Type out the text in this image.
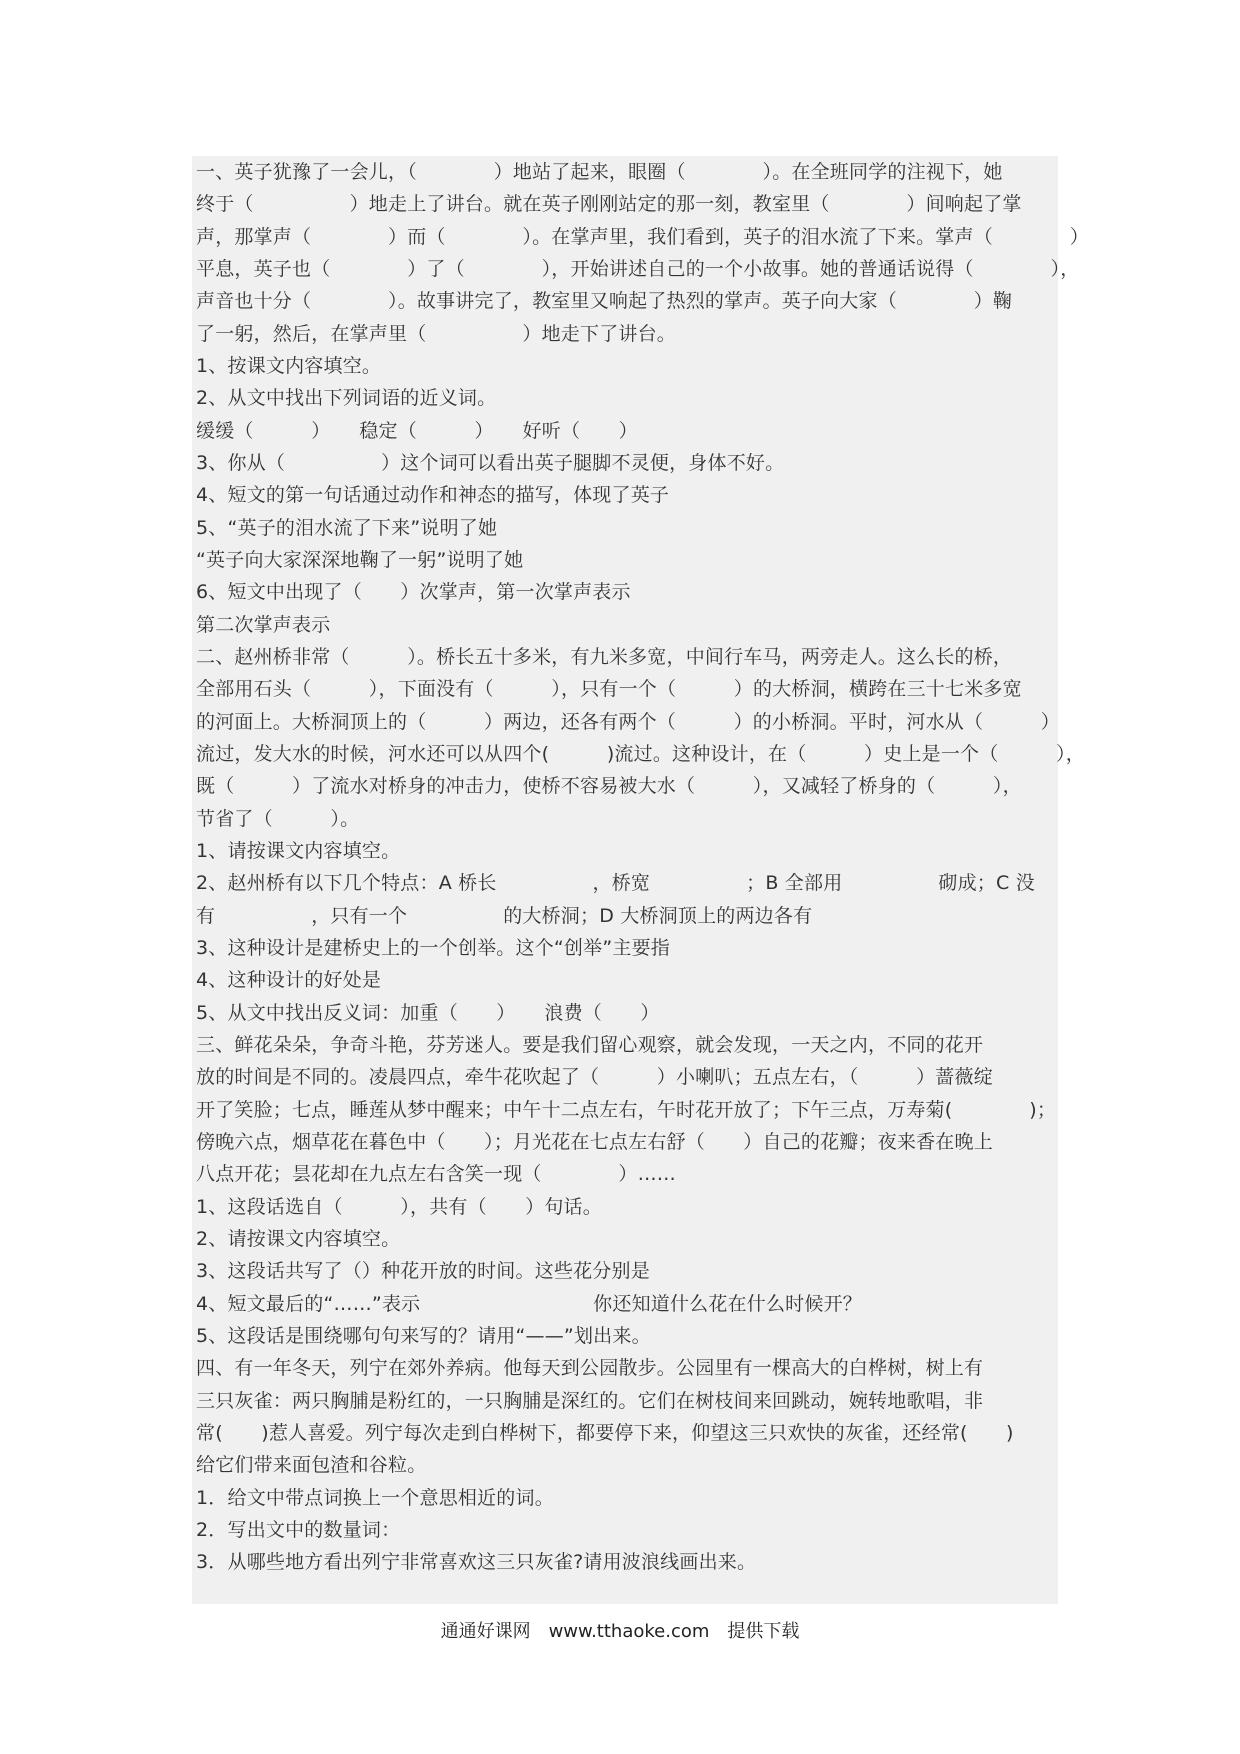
一、英子犹豫了一会儿，（　　　　）地站了起来，眼圈（　　　　）。在全班同学的注视下，她
终于（　　　　　）地走上了讲台。就在英子刚刚站定的那一刻，教室里（　　　　）间响起了掌
声，那掌声（　　　　）而（　　　　）。在掌声里，我们看到，英子的泪水流了下来。掌声（　　　　）
平息，英子也（　　　　）了（　　　　），开始讲述自己的一个小故事。她的普通话说得（　　　　），
声音也十分（　　　　）。故事讲完了，教室里又响起了热烈的掌声。英子向大家（　　　　）鞠
了一躬，然后，在掌声里（　　　　　）地走下了讲台。
1、按课文内容填空。
2、从文中找出下列词语的近义词。
缓缓（　　　）　　稳定（　　　）　　好听（　　）
3、你从（　　　　　）这个词可以看出英子腿脚不灵便，身体不好。
4、短文的第一句话通过动作和神态的描写，体现了英子
5、“英子的泪水流了下来”说明了她
“英子向大家深深地鞠了一躬”说明了她
6、短文中出现了（　　）次掌声，第一次掌声表示
第二次掌声表示
二、赵州桥非常（　　　）。桥长五十多米，有九米多宽，中间行车马，两旁走人。这么长的桥，
全部用石头（　　　），下面没有（　　　），只有一个（　　　）的大桥洞，横跨在三十七米多宽
的河面上。大桥洞顶上的（　　　）两边，还各有两个（　　　）的小桥洞。平时，河水从（　　　）
流过，发大水的时候，河水还可以从四个(　　　)流过。这种设计，在（　　　）史上是一个（　　　），
既（　　　）了流水对桥身的冲击力，使桥不容易被大水（　　　），又减轻了桥身的（　　　），
节省了（　　　）。
1、请按课文内容填空。
2、赵州桥有以下几个特点：A 桥长　　　　　，桥宽　　　　　；B 全部用　　　　　砌成；C 没
有　　　　　，只有一个　　　　　的大桥洞；D 大桥洞顶上的两边各有
3、这种设计是建桥史上的一个创举。这个“创举”主要指
4、这种设计的好处是
5、从文中找出反义词：加重（　　）　　浪费（　　）
三、鲜花朵朵，争奇斗艳，芬芳迷人。要是我们留心观察，就会发现，一天之内，不同的花开
放的时间是不同的。凌晨四点，牵牛花吹起了（　　　）小喇叭；五点左右，（　　　）蔷薇绽
开了笑脸；七点，睡莲从梦中醒来；中午十二点左右，午时花开放了；下午三点，万寿菊(　　　　)；
傍晚六点，烟草花在暮色中（　　）；月光花在七点左右舒（　　）自己的花瓣；夜来香在晚上
八点开花；昙花却在九点左右含笑一现（　　　　）……
1、这段话选自（　　　），共有（　　）句话。
2、请按课文内容填空。
3、这段话共写了（）种花开放的时间。这些花分别是
4、短文最后的“……”表示　　　　　　　　　你还知道什么花在什么时候开？
5、这段话是围绕哪句句来写的？请用“——”划出来。
四、有一年冬天，列宁在郊外养病。他每天到公园散步。公园里有一棵高大的白桦树，树上有
三只灰雀：两只胸脯是粉红的，一只胸脯是深红的。它们在树枝间来回跳动，婉转地歌唱，非
常(　　)惹人喜爱。列宁每次走到白桦树下，都要停下来，仰望这三只欢快的灰雀，还经常(　　)
给它们带来面包渣和谷粒。
1．给文中带点词换上一个意思相近的词。
2．写出文中的数量词：
3．从哪些地方看出列宁非常喜欢这三只灰雀?请用波浪线画出来。
通通好课网　www.tthaoke.com　提供下载
